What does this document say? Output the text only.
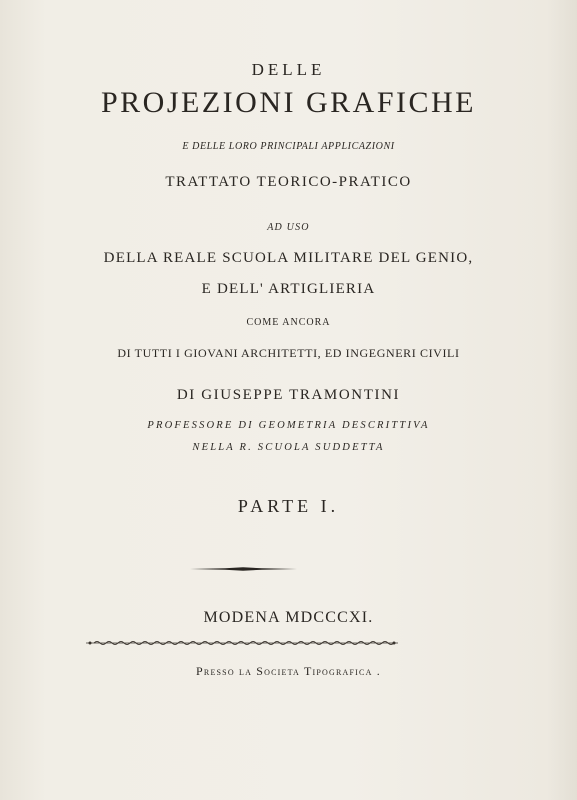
DELLE
PROJEZIONI GRAFICHE
E DELLE LORO PRINCIPALI APPLICAZIONI
TRATTATO TEORICO-PRATICO
AD USO
DELLA REALE SCUOLA MILITARE DEL GENIO,
E DELL' ARTIGLIERIA
COME ANCORA
DI TUTTI I GIOVANI ARCHITETTI, ED INGEGNERI CIVILI
DI GIUSEPPE TRAMONTINI
PROFESSORE DI GEOMETRIA DESCRITTIVA
NELLA R. SCUOLA SUDDETTA
PARTE I.
MODENA MDCCCXI.
Presso la Societa Tipografica .
